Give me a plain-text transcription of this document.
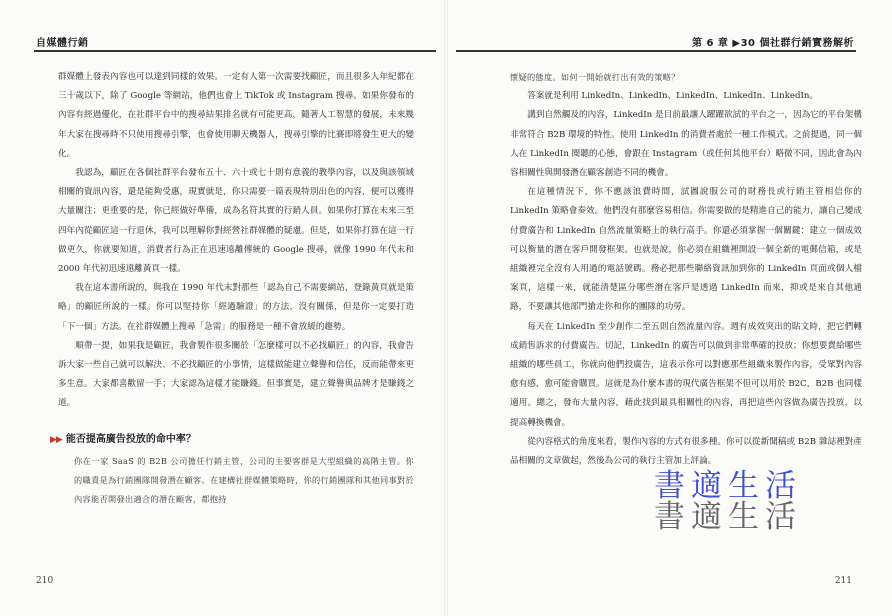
自媒體行銷

群媒體上發表內容也可以達到同樣的效果。一定有人第一次需要找顧匠，而且很多人年紀都在三十歲以下，除了 Google 等網站，他們也會上 TikTok 或 Instagram 搜尋。如果你發布的內容有經過優化，在社群平台中的搜尋結果排名就有可能更高，隨著人工智慧的發展，未來幾年大家在搜尋時不只使用搜尋引擎，也會使用聊天機器人，搜尋引擎的比賽即將發生更大的變化。

我認為，顧匠在各個社群平台發布五十、六十或七十則有意義的教學內容，以及與該領域相關的資訊內容，還是能夠受惠，現實就是，你只需要一篇表現特別出色的內容，便可以獲得大量關注；更重要的是，你已經做好準備，成為名符其實的行銷人員。如果你打算在未來三至四年內從顧匠這一行退休，我可以理解你對經營社群媒體的疑慮。但是，如果你打算在這一行做更久，你就要知道，消費者行為正在迅速遠離傳統的 Google 搜尋，就像 1990 年代末和 2000 年代初迅速遠離黃頁一樣。

我在這本書所說的，與我在 1990 年代末對那些「認為自己不需要網站，登錄黃頁就是策略」的顧匠所說的一樣。你可以堅持你「經過驗證」的方法，沒有關係，但是你一定要打造「下一個」方法。在社群媒體上搜尋「急需」的服務是一種不會放緩的趨勢。

順帶一提，如果我是顧匠，我會製作很多關於「怎麼樣可以不必找顧匠」的內容，我會告訴大家一些自己就可以解決、不必找顧匠的小事情，這樣做能建立聲譽和信任，反而能帶來更多生意。大家都喜歡留一手；大家認為這樣才能賺錢。但事實是，建立聲譽與品牌才是賺錢之道。

▶▶ 能否提高廣告投放的命中率？
你在一家 SaaS 的 B2B 公司擔任行銷主管，公司的主要客群是大型組織的高階主管。你的職責是為行銷團隊開發潛在顧客。在建構社群媒體策略時，你的行銷團隊和其他同事對於內容能否開發出適合的潛在顧客，都抱持
210
第 6 章 ▶30 個社群行銷實務解析

懷疑的態度。如何一開始就打出有效的策略？

答案就是利用 LinkedIn、LinkedIn、LinkedIn、LinkedIn、LinkedIn。

講到自然觸及的內容，LinkedIn 是目前最讓人躍躍欲試的平台之一，因為它的平台架構非常符合 B2B 環境的特性。使用 LinkedIn 的消費者處於一種工作模式。之前提過，同一個人在 LinkedIn 閱聽的心態，會跟在 Instagram（或任何其他平台）略微不同，因此會為內容相關性與開發潛在顧客創造不同的機會。

在這種情況下，你不應該浪費時間，試圖說服公司的財務長或行銷主管相信你的 LinkedIn 策略會奏效。他們沒有那麼容易相信。你需要做的是精進自己的能力，讓自己變成付費廣告和 LinkedIn 自然流量策略上的執行高手。你還必須掌握一個關鍵：建立一個成效可以衡量的潛在客戶開發框架。也就是說，你必須在組織裡開設一個全新的電郵信箱，或是組織裡完全沒有人用過的電話號碼。務必把那些聯絡資訊加到你的 LinkedIn 頁面或個人檔案頁，這樣一來，就能清楚區分哪些潛在客戶是透過 LinkedIn 而來，抑或是來自其他通路，不要讓其他部門搶走你和你的團隊的功勞。

每天在 LinkedIn 至少創作二至五則自然流量內容。週有成效突出的貼文時，把它們轉成銷售訴求的付費廣告。切記，LinkedIn 的廣告可以做到非常準確的投放；你想要賣給哪些組織的哪些員工，你就向他們投廣告，這表示你可以對應那些組織來製作內容，受眾對內容愈有感，愈可能會購買。這就是為什麼本書的現代廣告框架不但可以用於 B2C，B2B 也同樣適用。總之，發布大量內容，藉此找到最具相關性的內容，再把這些內容做為廣告投放，以提高轉換機會。

從內容格式的角度來看，製作內容的方式有很多種。你可以從新聞稿或 B2B 雜誌裡對產品相關的文章做起，然後為公司的執行主管加上評論。

211
書適生活
書適生活
